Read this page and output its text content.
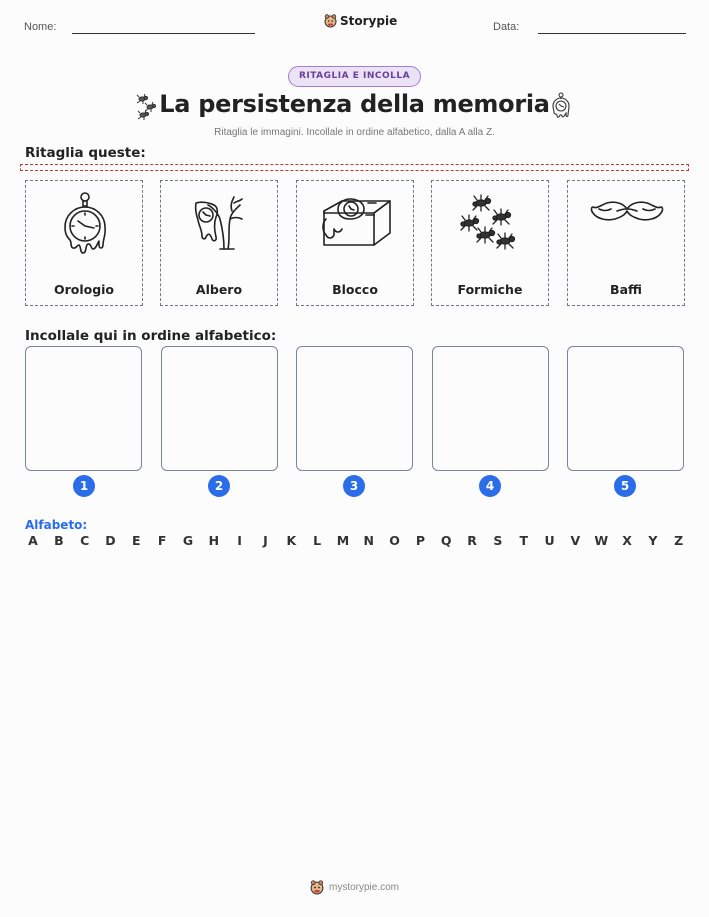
Nome:	Storypie	Data:
RITAGLIA E INCOLLA
La persistenza della memoria
Ritaglia le immagini. Incollale in ordine alfabetico, dalla A alla Z.
Ritaglia queste:
Orologio	Albero	Blocco	Formiche	Baffi
Incollale qui in ordine alfabetico:
1	2	3	4	5
Alfabeto:
A B C D E F G H	I	J	K L M N O P Q R S T U V W X Y Z
mystorypie.com
